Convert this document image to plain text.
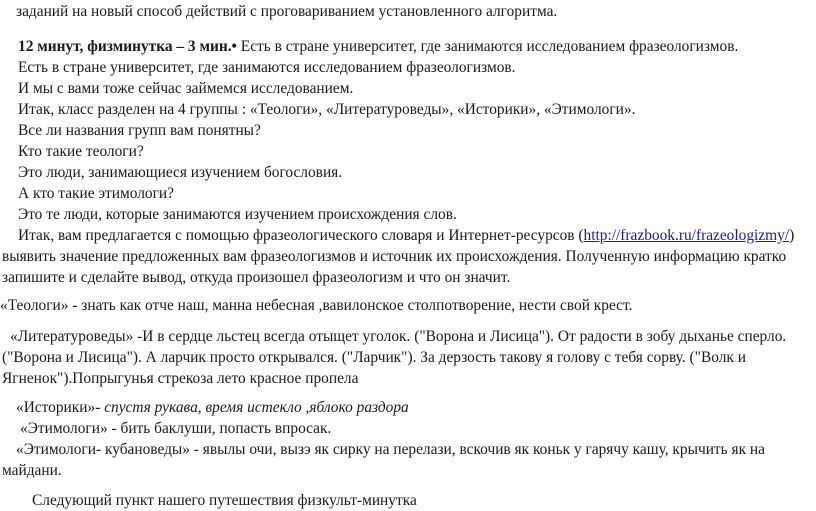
заданий на новый способ действий с проговариванием установленного алгоритма.
12 минут, физминутка – 3 мин.• Есть в стране университет, где занимаются исследованием фразеологизмов.
Есть в стране университет, где занимаются исследованием фразеологизмов.
И мы с вами тоже сейчас займемся исследованием.
Итак, класс разделен на 4 группы : «Теологи», «Литературоведы», «Историки», «Этимологи».
Все ли названия групп вам понятны?
Кто такие теологи?
Это люди, занимающиеся изучением богословия.
А кто такие этимологи?
Это те люди, которые занимаются изучением происхождения слов.
Итак, вам предлагается с помощью фразеологического словаря и Интернет-ресурсов (http://frazbook.ru/frazeologizmy/)
выявить значение предложенных вам фразеологизмов и источник их происхождения. Полученную информацию кратко
запишите и сделайте вывод, откуда произошел фразеологизм и что он значит.
«Теологи» - знать как отче наш, манна небесная ,вавилонское столпотворение, нести свой крест.
«Литературоведы» -И в сердце льстец всегда отыщет уголок. ("Ворона и Лисица"). От радости в зобу дыханье сперло.
("Ворона и Лисица"). А ларчик просто открывался. ("Ларчик"). За дерзость такову я голову с тебя сорву. ("Волк и
Ягненок").Попрыгунья стрекоза лето красное пропела
«Историки»- спустя рукава, время истекло ,яблоко раздора
«Этимологи» - бить баклуши, попасть впросак.
«Этимологи- кубановеды» - явылы очи, вызэ як сирку на перелази, вскочив як коньк у гарячу кашу, крычить як на
майдани.
Следующий пункт нашего путешествия физкульт-минутка
